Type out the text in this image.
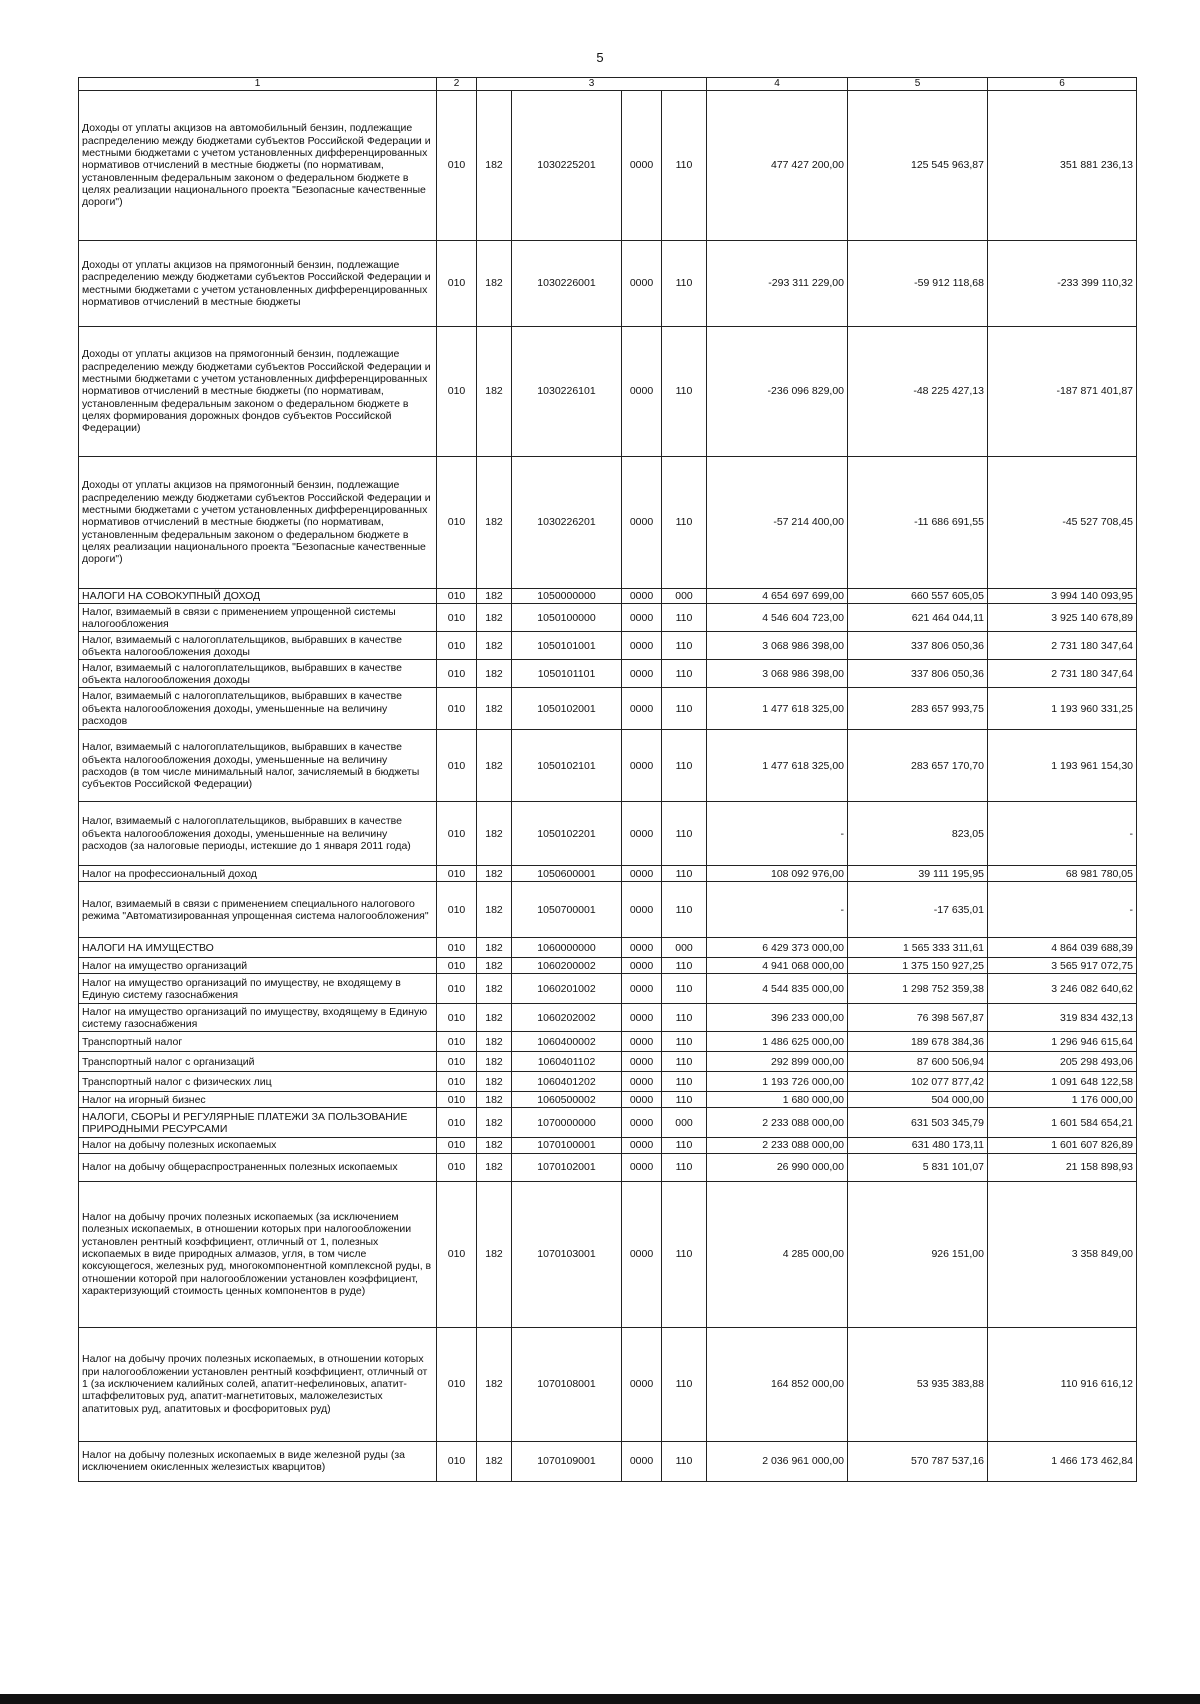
5
1	2	3				4	5	6
Доходы от уплаты акцизов на автомобильный бензин, подлежащие распределению между бюджетами субъектов Российской Федерации и местными бюджетами с учетом установленных дифференцированных нормативов отчислений в местные бюджеты (по нормативам, установленным федеральным законом о федеральном бюджете в целях реализации национального проекта "Безопасные качественные дороги")	010	182	1030225201	0000	110	477 427 200,00	125 545 963,87	351 881 236,13
Доходы от уплаты акцизов на прямогонный бензин, подлежащие распределению между бюджетами субъектов Российской Федерации и местными бюджетами с учетом установленных дифференцированных нормативов отчислений в местные бюджеты	010	182	1030226001	0000	110	-293 311 229,00	-59 912 118,68	-233 399 110,32
Доходы от уплаты акцизов на прямогонный бензин, подлежащие распределению между бюджетами субъектов Российской Федерации и местными бюджетами с учетом установленных дифференцированных нормативов отчислений в местные бюджеты (по нормативам, установленным федеральным законом о федеральном бюджете в целях формирования дорожных фондов субъектов Российской Федерации)	010	182	1030226101	0000	110	-236 096 829,00	-48 225 427,13	-187 871 401,87
Доходы от уплаты акцизов на прямогонный бензин, подлежащие распределению между бюджетами субъектов Российской Федерации и местными бюджетами с учетом установленных дифференцированных нормативов отчислений в местные бюджеты (по нормативам, установленным федеральным законом о федеральном бюджете в целях реализации национального проекта "Безопасные качественные дороги")	010	182	1030226201	0000	110	-57 214 400,00	-11 686 691,55	-45 527 708,45
НАЛОГИ НА СОВОКУПНЫЙ ДОХОД	010	182	1050000000	0000	000	4 654 697 699,00	660 557 605,05	3 994 140 093,95
Налог, взимаемый в связи с применением упрощенной системы налогообложения	010	182	1050100000	0000	110	4 546 604 723,00	621 464 044,11	3 925 140 678,89
Налог, взимаемый с налогоплательщиков, выбравших в качестве объекта налогообложения доходы	010	182	1050101001	0000	110	3 068 986 398,00	337 806 050,36	2 731 180 347,64
Налог, взимаемый с налогоплательщиков, выбравших в качестве объекта налогообложения доходы	010	182	1050101101	0000	110	3 068 986 398,00	337 806 050,36	2 731 180 347,64
Налог, взимаемый с налогоплательщиков, выбравших в качестве объекта налогообложения доходы, уменьшенные на величину расходов	010	182	1050102001	0000	110	1 477 618 325,00	283 657 993,75	1 193 960 331,25
Налог, взимаемый с налогоплательщиков, выбравших в качестве объекта налогообложения доходы, уменьшенные на величину расходов (в том числе минимальный налог, зачисляемый в бюджеты субъектов Российской Федерации)	010	182	1050102101	0000	110	1 477 618 325,00	283 657 170,70	1 193 961 154,30
Налог, взимаемый с налогоплательщиков, выбравших в качестве объекта налогообложения доходы, уменьшенные на величину расходов (за налоговые периоды, истекшие до 1 января 2011 года)	010	182	1050102201	0000	110	-	823,05	-
Налог на профессиональный доход	010	182	1050600001	0000	110	108 092 976,00	39 111 195,95	68 981 780,05
Налог, взимаемый в связи с применением специального налогового режима "Автоматизированная упрощенная система налогообложения"	010	182	1050700001	0000	110	-	-17 635,01	-
НАЛОГИ НА ИМУЩЕСТВО	010	182	1060000000	0000	000	6 429 373 000,00	1 565 333 311,61	4 864 039 688,39
Налог на имущество организаций	010	182	1060200002	0000	110	4 941 068 000,00	1 375 150 927,25	3 565 917 072,75
Налог на имущество организаций по имуществу, не входящему в Единую систему газоснабжения	010	182	1060201002	0000	110	4 544 835 000,00	1 298 752 359,38	3 246 082 640,62
Налог на имущество организаций по имуществу, входящему в Единую систему газоснабжения	010	182	1060202002	0000	110	396 233 000,00	76 398 567,87	319 834 432,13
Транспортный налог	010	182	1060400002	0000	110	1 486 625 000,00	189 678 384,36	1 296 946 615,64
Транспортный налог с организаций	010	182	1060401102	0000	110	292 899 000,00	87 600 506,94	205 298 493,06
Транспортный налог с физических лиц	010	182	1060401202	0000	110	1 193 726 000,00	102 077 877,42	1 091 648 122,58
Налог на игорный бизнес	010	182	1060500002	0000	110	1 680 000,00	504 000,00	1 176 000,00
НАЛОГИ, СБОРЫ И РЕГУЛЯРНЫЕ ПЛАТЕЖИ ЗА ПОЛЬЗОВАНИЕ ПРИРОДНЫМИ РЕСУРСАМИ	010	182	1070000000	0000	000	2 233 088 000,00	631 503 345,79	1 601 584 654,21
Налог на добычу полезных ископаемых	010	182	1070100001	0000	110	2 233 088 000,00	631 480 173,11	1 601 607 826,89
Налог на добычу общераспространенных полезных ископаемых	010	182	1070102001	0000	110	26 990 000,00	5 831 101,07	21 158 898,93
Налог на добычу прочих полезных ископаемых (за исключением полезных ископаемых, в отношении которых при налогообложении установлен рентный коэффициент, отличный от 1, полезных ископаемых в виде природных алмазов, угля, в том числе коксующегося, железных руд, многокомпонентной комплексной руды, в отношении которой при налогообложении установлен коэффициент, характеризующий стоимость ценных компонентов в руде)	010	182	1070103001	0000	110	4 285 000,00	926 151,00	3 358 849,00
Налог на добычу прочих полезных ископаемых, в отношении которых при налогообложении установлен рентный коэффициент, отличный от 1 (за исключением калийных солей, апатит-нефелиновых, апатит-штаффелитовых руд, апатит-магнетитовых, маложелезистых апатитовых руд, апатитовых и фосфоритовых руд)	010	182	1070108001	0000	110	164 852 000,00	53 935 383,88	110 916 616,12
Налог на добычу полезных ископаемых в виде железной руды (за исключением окисленных железистых кварцитов)	010	182	1070109001	0000	110	2 036 961 000,00	570 787 537,16	1 466 173 462,84
